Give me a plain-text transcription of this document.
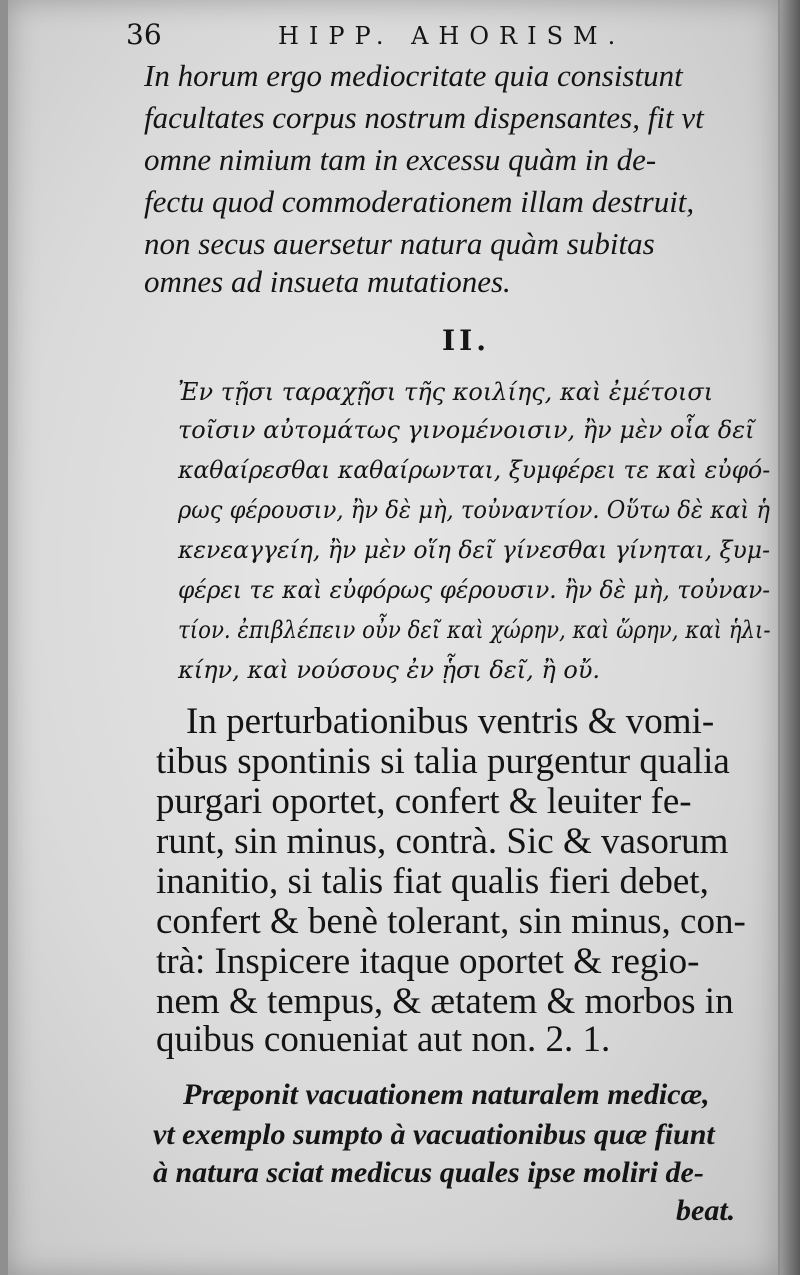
36	HIPP. AHORISM.
In horum ergo mediocritate quia consistunt
facultates corpus nostrum dispensantes, fit vt
omne nimium tam in excessu quàm in de-
fectu quod commoderationem illam destruit,
non secus auersetur natura quàm subitas
omnes ad insueta mutationes.
II.
Ἐν τῇσι ταραχῇσι τῆς κοιλίης, καὶ ἐμέτοισι
τοῖσιν αὐτομάτως γινομένοισιν, ἢν μὲν οἷα δεῖ
καθαίρεσθαι καθαίρωνται, ξυμφέρει τε καὶ εὐφό-
ρως φέρουσιν, ἢν δὲ μὴ, τοὐναντίον. Οὕτω δὲ καὶ ἡ
κενεαγγείη, ἢν μὲν οἵη δεῖ γίνεσθαι γίνηται, ξυμ-
φέρει τε καὶ εὐφόρως φέρουσιν. ἢν δὲ μὴ, τοὐναν-
τίον. ἐπιβλέπειν οὖν δεῖ καὶ χώρην, καὶ ὥρην, καὶ ἡλι-
κίην, καὶ νούσους ἐν ᾗσι δεῖ, ἢ οὔ.
In perturbationibus ventris & vomi-
tibus spontinis si talia purgentur qualia
purgari oportet, confert & leuiter fe-
runt, sin minus, contrà. Sic & vasorum
inanitio, si talis fiat qualis fieri debet,
confert & benè tolerant, sin minus, con-
trà: Inspicere itaque oportet & regio-
nem & tempus, & ætatem & morbos in
quibus conueniat aut non. 2. 1.
Præponit vacuationem naturalem medicæ,
vt exemplo sumpto à vacuationibus quæ fiunt
à natura sciat medicus quales ipse moliri de-
beat.
